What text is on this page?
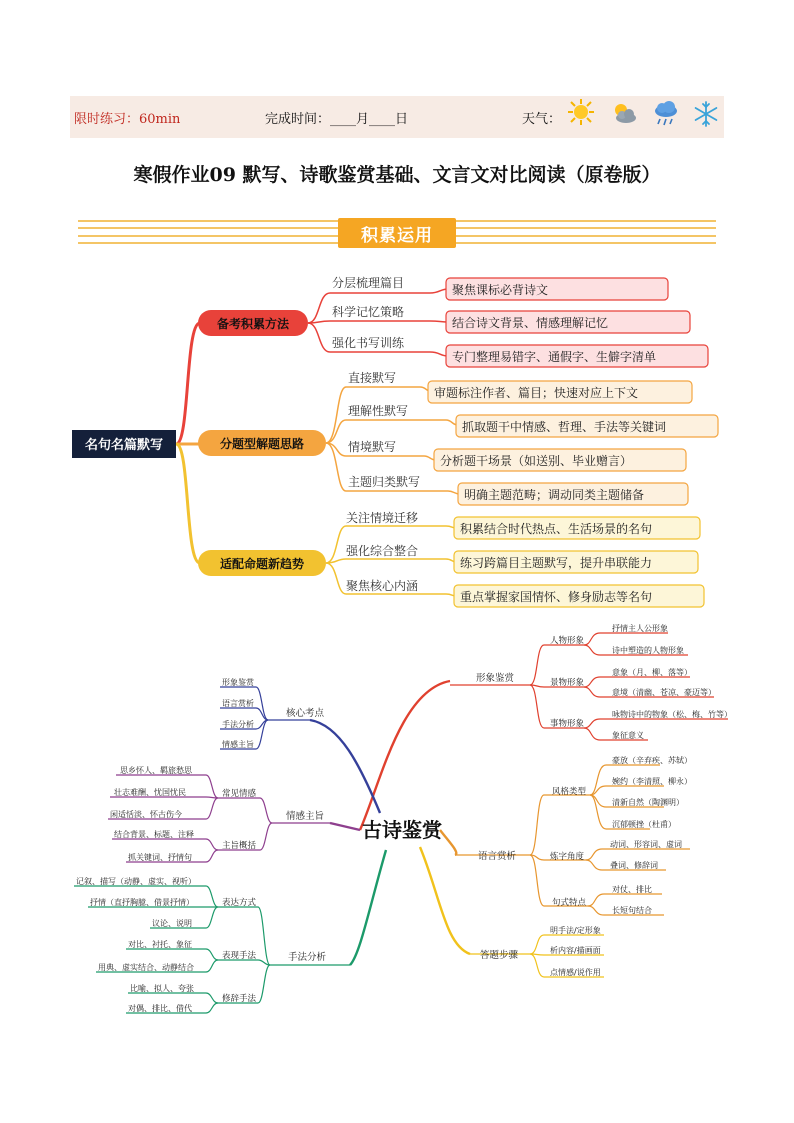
限时练习：60min	完成时间：____月____日	天气：
寒假作业09 默写、诗歌鉴赏基础、文言文对比阅读（原卷版）
积累运用
名句名篇默写
备考积累方法
分层梳理篇目
科学记忆策略
强化书写训练
聚焦课标必背诗文
结合诗文背景、情感理解记忆
专门整理易错字、通假字、生僻字清单
分题型解题思路
直接默写
理解性默写
情境默写
主题归类默写
审题标注作者、篇目；快速对应上下文
抓取题干中情感、哲理、手法等关键词
分析题干场景（如送别、毕业赠言）
明确主题范畴；调动同类主题储备
适配命题新趋势
关注情境迁移
强化综合整合
聚焦核心内涵
积累结合时代热点、生活场景的名句
练习跨篇目主题默写，提升串联能力
重点掌握家国情怀、修身励志等名句
古诗鉴赏
形象鉴赏
人物形象
景物形象
事物形象
抒情主人公形象
诗中塑造的人物形象
意象（月、柳、落等）
意境（清幽、苍凉、豪迈等）
咏物诗中的物象（松、梅、竹等）
象征意义
语言赏析
风格类型
炼字角度
句式特点
豪放（辛弃疾、苏轼）
婉约（李清照、柳永）
清新自然（陶渊明）
沉郁顿挫（杜甫）
动词、形容词、虚词
叠词、修辞词
对仗、排比
长短句结合
答题步骤
明手法/定形象
析内容/描画面
点情感/说作用
核心考点
形象鉴赏
语言赏析
手法分析
情感主旨
情感主旨
常见情感
主旨概括
思乡怀人、羁旅愁思
壮志难酬、忧国忧民
闲适恬淡、怀古伤今
结合背景、标题、注释
抓关键词、抒情句
手法分析
表达方式
表现手法
修辞手法
记叙、描写（动静、虚实、视听）
抒情（直抒胸臆、借景抒情）
议论、说明
对比、衬托、象征
用典、虚实结合、动静结合
比喻、拟人、夸张
对偶、排比、借代
